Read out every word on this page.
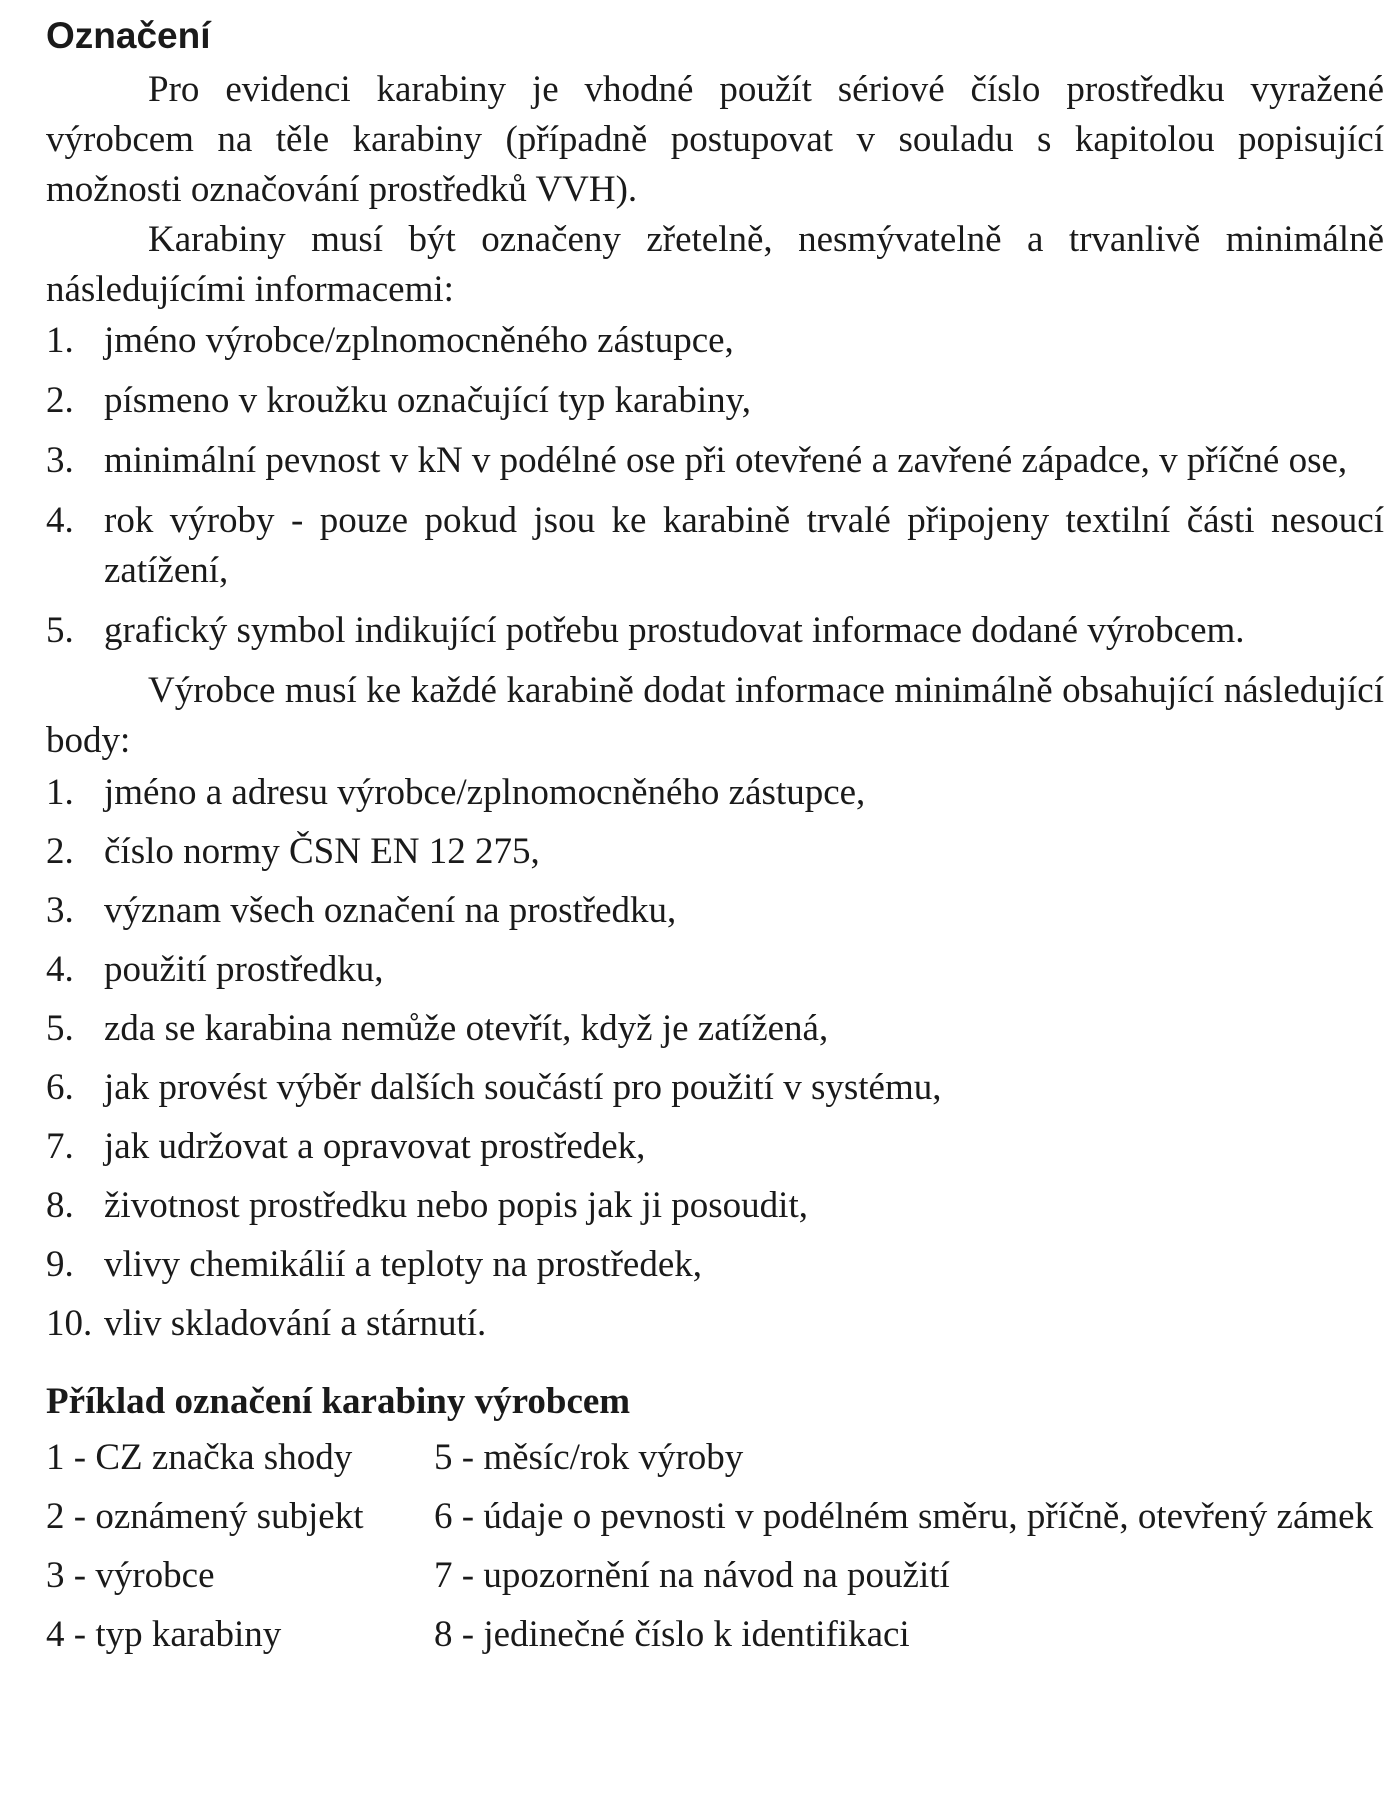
Označení

Pro evidenci karabiny je vhodné použít sériové číslo prostředku vyražené výrobcem na těle karabiny (případně postupovat v souladu s kapitolou popisující možnosti označování prostředků VVH).

Karabiny musí být označeny zřetelně, nesmývatelně a trvanlivě minimálně následujícími informacemi:

1. jméno výrobce/zplnomocněného zástupce,
2. písmeno v kroužku označující typ karabiny,
3. minimální pevnost v kN v podélné ose při otevřené a zavřené západce, v příčné ose,
4. rok výroby - pouze pokud jsou ke karabině trvalé připojeny textilní části nesoucí zatížení,
5. grafický symbol indikující potřebu prostudovat informace dodané výrobcem.

Výrobce musí ke každé karabině dodat informace minimálně obsahující následující body:

1. jméno a adresu výrobce/zplnomocněného zástupce,
2. číslo normy ČSN EN 12 275,
3. význam všech označení na prostředku,
4. použití prostředku,
5. zda se karabina nemůže otevřít, když je zatížená,
6. jak provést výběr dalších součástí pro použití v systému,
7. jak udržovat a opravovat prostředek,
8. životnost prostředku nebo popis jak ji posoudit,
9. vlivy chemikálií a teploty na prostředek,
10. vliv skladování a stárnutí.
Příklad označení karabiny výrobcem
1 - CZ značka shody	5 - měsíc/rok výroby
2 - oznámený subjekt	6 - údaje o pevnosti v podélném směru, příčně, otevřený zámek
3 - výrobce	7 - upozornění na návod na použití
4 - typ karabiny	8 - jedinečné číslo k identifikaci
